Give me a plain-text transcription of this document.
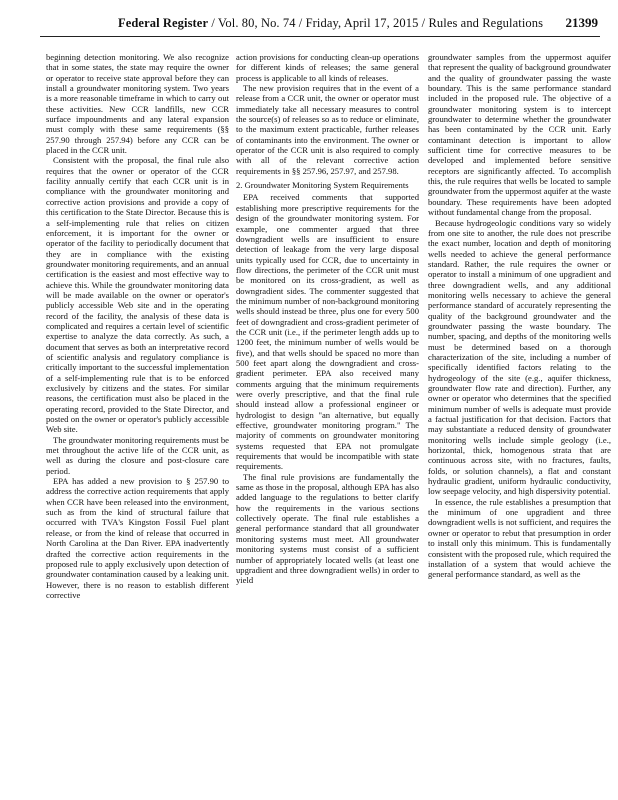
Federal Register / Vol. 80, No. 74 / Friday, April 17, 2015 / Rules and Regulations 21399

beginning detection monitoring. We also recognize that in some states, the state may require the owner or operator to receive state approval before they can install a groundwater monitoring system. Two years is a more reasonable timeframe in which to carry out these activities. New CCR landfills, new CCR surface impoundments and any lateral expansion must comply with these same requirements (§§ 257.90 through 257.94) before any CCR can be placed in the CCR unit.

Consistent with the proposal, the final rule also requires that the owner or operator of the CCR facility annually certify that each CCR unit is in compliance with the groundwater monitoring and corrective action provisions and provide a copy of this certification to the State Director. Because this is a self-implementing rule that relies on citizen enforcement, it is important for the owner or operator of the facility to periodically document that they are in compliance with the existing groundwater monitoring requirements, and an annual certification is the easiest and most effective way to achieve this. While the groundwater monitoring data will be made available on the owner or operator's publicly accessible Web site and in the operating record of the facility, the analysis of these data is complicated and requires a certain level of scientific expertise to analyze the data correctly. As such, a document that serves as both an interpretative record of scientific analysis and regulatory compliance is critically important to the successful implementation of a self-implementing rule that is to be enforced exclusively by citizens and the states. For similar reasons, the certification must also be placed in the operating record, provided to the State Director, and posted on the owner or operator's publicly accessible Web site.

The groundwater monitoring requirements must be met throughout the active life of the CCR unit, as well as during the closure and post-closure care period.

EPA has added a new provision to § 257.90 to address the corrective action requirements that apply when CCR have been released into the environment, such as from the kind of structural failure that occurred with TVA's Kingston Fossil Fuel plant release, or from the kind of release that occurred in North Carolina at the Dan River. EPA inadvertently drafted the corrective action requirements in the proposed rule to apply exclusively upon detection of groundwater contamination caused by a leaking unit. However, there is no reason to establish different corrective

action provisions for conducting clean-up operations for different kinds of releases; the same general process is applicable to all kinds of releases.

The new provision requires that in the event of a release from a CCR unit, the owner or operator must immediately take all necessary measures to control the source(s) of releases so as to reduce or eliminate, to the maximum extent practicable, further releases of contaminants into the environment. The owner or operator of the CCR unit is also required to comply with all of the relevant corrective action requirements in §§ 257.96, 257.97, and 257.98.

2. Groundwater Monitoring System Requirements

EPA received comments that supported establishing more prescriptive requirements for the design of the groundwater monitoring system. For example, one commenter argued that three downgradient wells are insufficient to ensure detection of leakage from the very large disposal units typically used for CCR, due to uncertainty in flow directions, the perimeter of the CCR unit must be monitored on its cross-gradient, as well as downgradient sides. The commenter suggested that the minimum number of non-background monitoring wells should instead be three, plus one for every 500 feet of downgradient and cross-gradient perimeter of the CCR unit (i.e., if the perimeter length adds up to 1200 feet, the minimum number of wells would be five), and that wells should be spaced no more than 500 feet apart along the downgradient and cross-gradient perimeter. EPA also received many comments arguing that the minimum requirements were overly prescriptive, and that the final rule should instead allow a professional engineer or hydrologist to design "an alternative, but equally effective, groundwater monitoring program." The majority of comments on groundwater monitoring systems requested that EPA not promulgate requirements that would be incompatible with state requirements.

The final rule provisions are fundamentally the same as those in the proposal, although EPA has also added language to the regulations to better clarify how the requirements in the various sections collectively operate. The final rule establishes a general performance standard that all groundwater monitoring systems must meet. All groundwater monitoring systems must consist of a sufficient number of appropriately located wells (at least one upgradient and three downgradient wells) in order to yield

groundwater samples from the uppermost aquifer that represent the quality of background groundwater and the quality of groundwater passing the waste boundary. This is the same performance standard included in the proposed rule. The objective of a groundwater monitoring system is to intercept groundwater to determine whether the groundwater has been contaminated by the CCR unit. Early contaminant detection is important to allow sufficient time for corrective measures to be developed and implemented before sensitive receptors are significantly affected. To accomplish this, the rule requires that wells be located to sample groundwater from the uppermost aquifer at the waste boundary. These requirements have been adopted without fundamental change from the proposal.

Because hydrogeologic conditions vary so widely from one site to another, the rule does not prescribe the exact number, location and depth of monitoring wells needed to achieve the general performance standard. Rather, the rule requires the owner or operator to install a minimum of one upgradient and three downgradient wells, and any additional monitoring wells necessary to achieve the general performance standard of accurately representing the quality of the background groundwater and the groundwater passing the waste boundary. The number, spacing, and depths of the monitoring wells must be determined based on a thorough characterization of the site, including a number of specifically identified factors relating to the hydrogeology of the site (e.g., aquifer thickness, groundwater flow rate and direction). Further, any owner or operator who determines that the specified minimum number of wells is adequate must provide a factual justification for that decision. Factors that may substantiate a reduced density of groundwater monitoring wells include simple geology (i.e., horizontal, thick, homogenous strata that are continuous across site, with no fractures, faults, folds, or solution channels), a flat and constant hydraulic gradient, uniform hydraulic conductivity, low seepage velocity, and high dispersivity potential.

In essence, the rule establishes a presumption that the minimum of one upgradient and three downgradient wells is not sufficient, and requires the owner or operator to rebut that presumption in order to install only this minimum. This is fundamentally consistent with the proposed rule, which required the installation of a system that would achieve the general performance standard, as well as the
